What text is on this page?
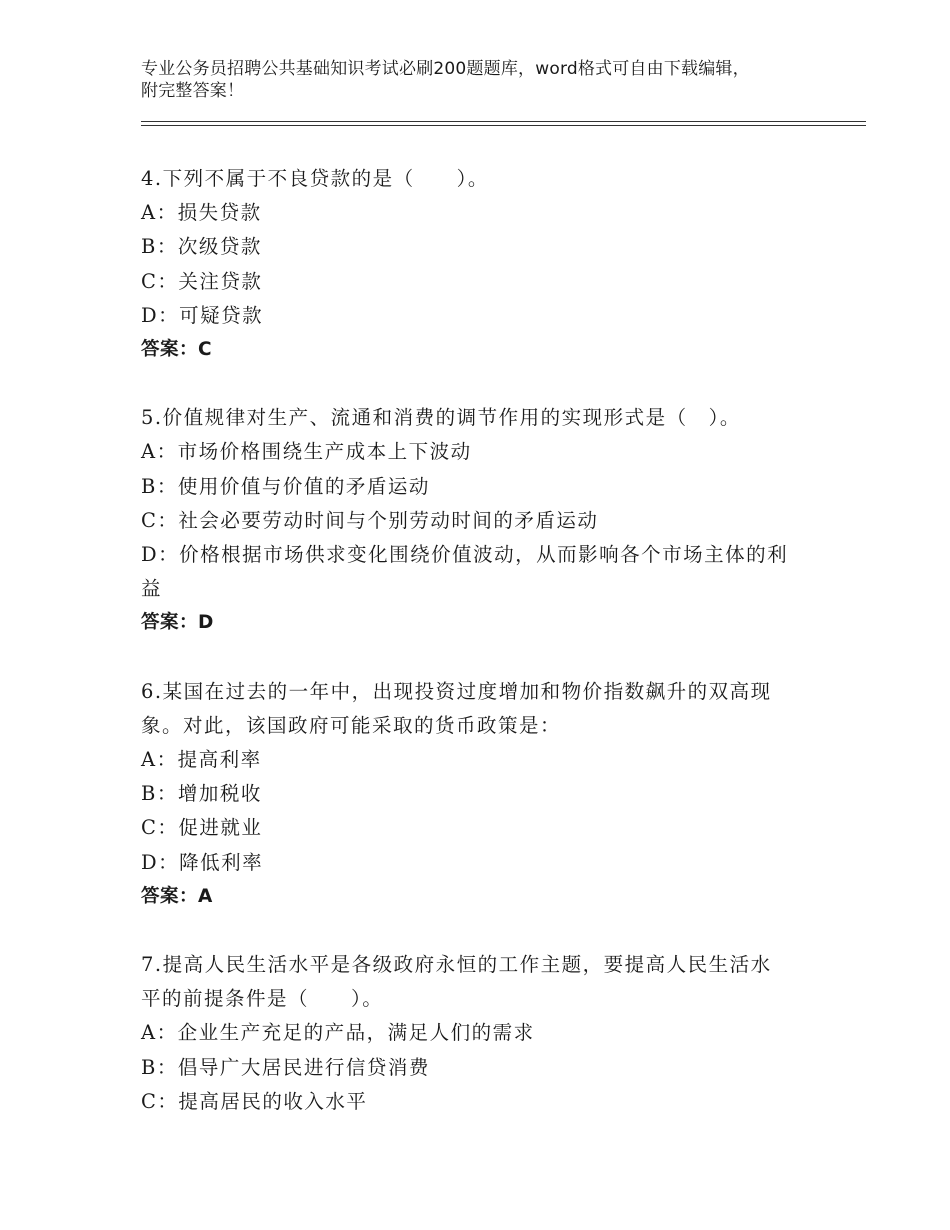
专业公务员招聘公共基础知识考试必刷200题题库，word格式可自由下载编辑，
附完整答案！
4.下列不属于不良贷款的是（　　）。
A：损失贷款
B：次级贷款
C：关注贷款
D：可疑贷款
答案：C
5.价值规律对生产、流通和消费的调节作用的实现形式是（　）。
A：市场价格围绕生产成本上下波动
B：使用价值与价值的矛盾运动
C：社会必要劳动时间与个别劳动时间的矛盾运动
D：价格根据市场供求变化围绕价值波动，从而影响各个市场主体的利
益
答案：D
6.某国在过去的一年中，出现投资过度增加和物价指数飙升的双高现
象。对此，该国政府可能采取的货币政策是：
A：提高利率
B：增加税收
C：促进就业
D：降低利率
答案：A
7.提高人民生活水平是各级政府永恒的工作主题，要提高人民生活水
平的前提条件是（　　）。
A：企业生产充足的产品，满足人们的需求
B：倡导广大居民进行信贷消费
C：提高居民的收入水平
